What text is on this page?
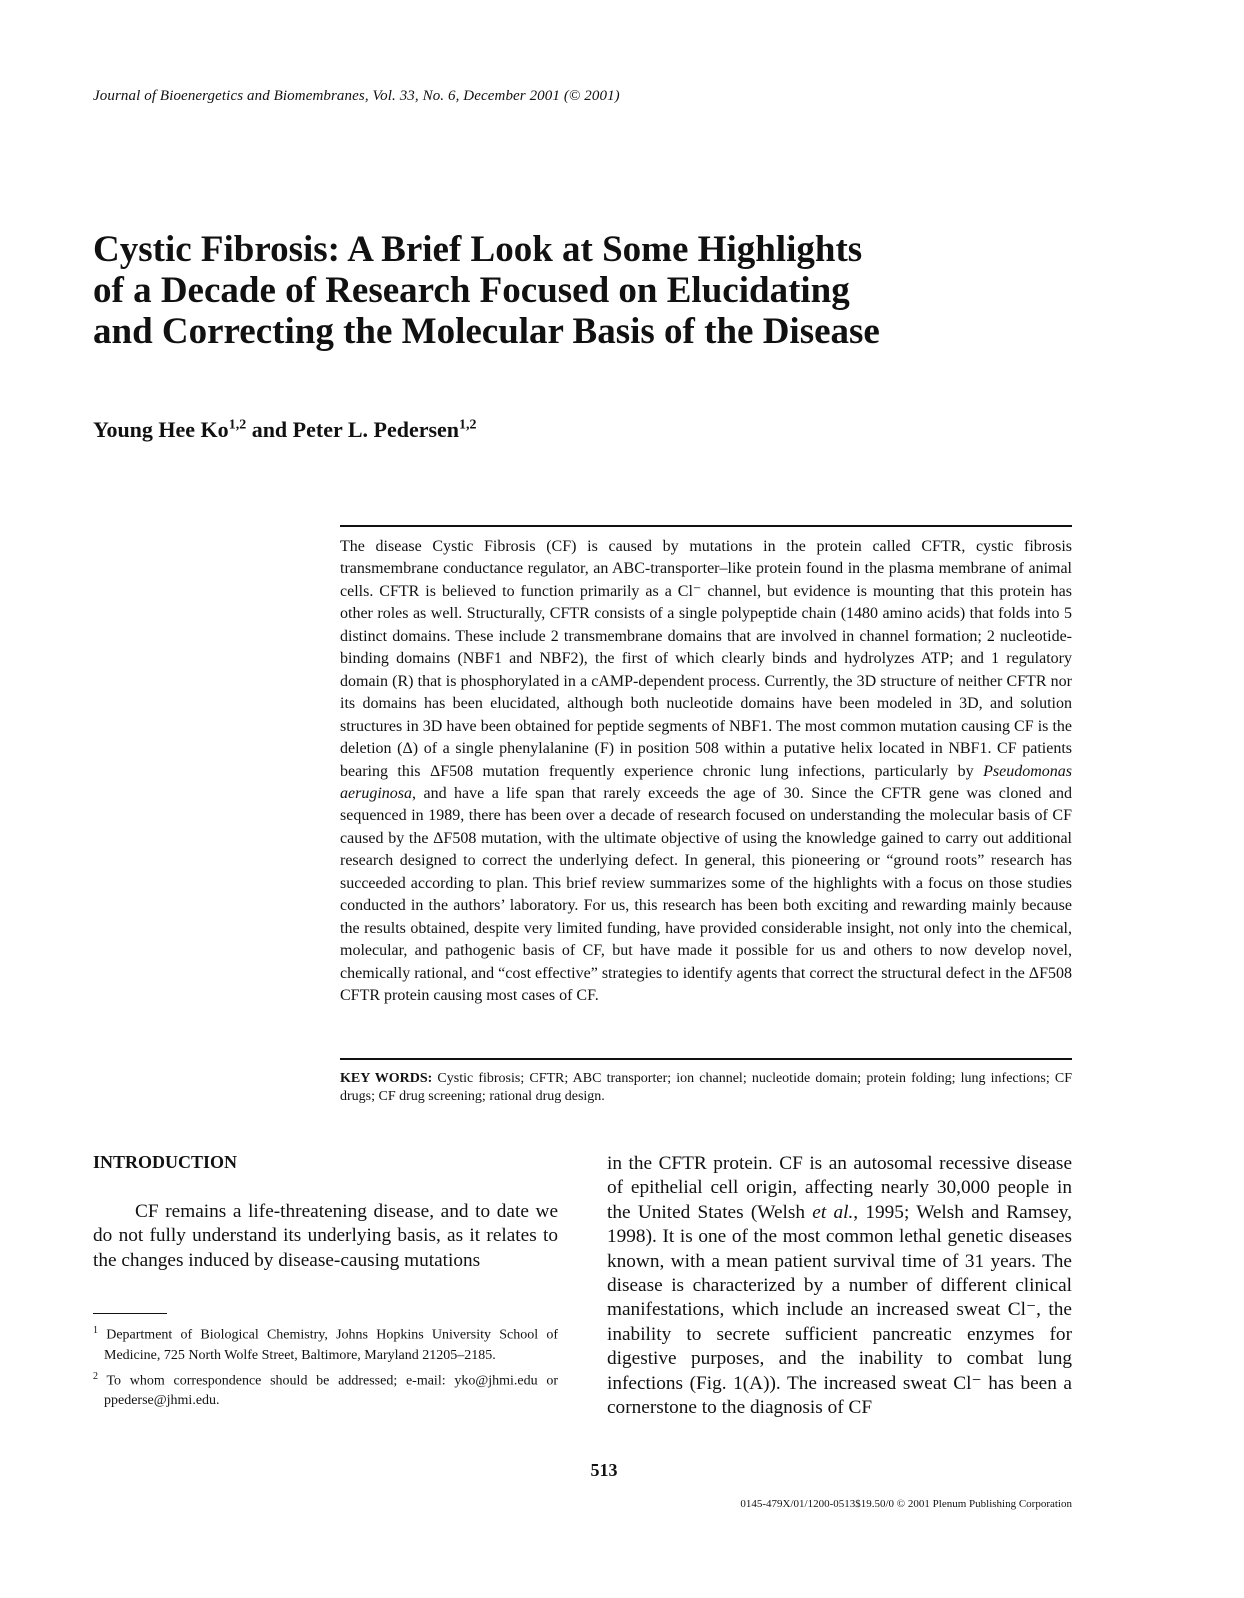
Journal of Bioenergetics and Biomembranes, Vol. 33, No. 6, December 2001 (© 2001)
Cystic Fibrosis: A Brief Look at Some Highlights
of a Decade of Research Focused on Elucidating
and Correcting the Molecular Basis of the Disease
Young Hee Ko$^{1,2}$ and Peter L. Pedersen$^{1,2}$
The disease Cystic Fibrosis (CF) is caused by mutations in the protein called CFTR, cystic fibrosis transmembrane conductance regulator, an ABC-transporter–like protein found in the plasma membrane of animal cells. CFTR is believed to function primarily as a Cl⁻ channel, but evidence is mounting that this protein has other roles as well. Structurally, CFTR consists of a single polypeptide chain (1480 amino acids) that folds into 5 distinct domains. These include 2 transmembrane domains that are involved in channel formation; 2 nucleotide-binding domains (NBF1 and NBF2), the first of which clearly binds and hydrolyzes ATP; and 1 regulatory domain (R) that is phosphorylated in a cAMP-dependent process. Currently, the 3D structure of neither CFTR nor its domains has been elucidated, although both nucleotide domains have been modeled in 3D, and solution structures in 3D have been obtained for peptide segments of NBF1. The most common mutation causing CF is the deletion (Δ) of a single phenylalanine (F) in position 508 within a putative helix located in NBF1. CF patients bearing this ΔF508 mutation frequently experience chronic lung infections, particularly by Pseudomonas aeruginosa, and have a life span that rarely exceeds the age of 30. Since the CFTR gene was cloned and sequenced in 1989, there has been over a decade of research focused on understanding the molecular basis of CF caused by the ΔF508 mutation, with the ultimate objective of using the knowledge gained to carry out additional research designed to correct the underlying defect. In general, this pioneering or “ground roots” research has succeeded according to plan. This brief review summarizes some of the highlights with a focus on those studies conducted in the authors’ laboratory. For us, this research has been both exciting and rewarding mainly because the results obtained, despite very limited funding, have provided considerable insight, not only into the chemical, molecular, and pathogenic basis of CF, but have made it possible for us and others to now develop novel, chemically rational, and “cost effective” strategies to identify agents that correct the structural defect in the ΔF508 CFTR protein causing most cases of CF.
KEY WORDS: Cystic fibrosis; CFTR; ABC transporter; ion channel; nucleotide domain; protein folding; lung infections; CF drugs; CF drug screening; rational drug design.
INTRODUCTION

CF remains a life-threatening disease, and to date we do not fully understand its underlying basis, as it relates to the changes induced by disease-causing mutations

in the CFTR protein. CF is an autosomal recessive disease of epithelial cell origin, affecting nearly 30,000 people in the United States (Welsh et al., 1995; Welsh and Ramsey, 1998). It is one of the most common lethal genetic diseases known, with a mean patient survival time of 31 years. The disease is characterized by a number of different clinical manifestations, which include an increased sweat Cl⁻, the inability to secrete sufficient pancreatic enzymes for digestive purposes, and the inability to combat lung infections (Fig. 1(A)). The increased sweat Cl⁻ has been a cornerstone to the diagnosis of CF

$^1$ Department of Biological Chemistry, Johns Hopkins University School of Medicine, 725 North Wolfe Street, Baltimore, Maryland 21205–2185.

$^2$ To whom correspondence should be addressed; e-mail: yko@jhmi.edu or ppederse@jhmi.edu.

513
0145-479X/01/1200-0513$19.50/0 © 2001 Plenum Publishing Corporation
